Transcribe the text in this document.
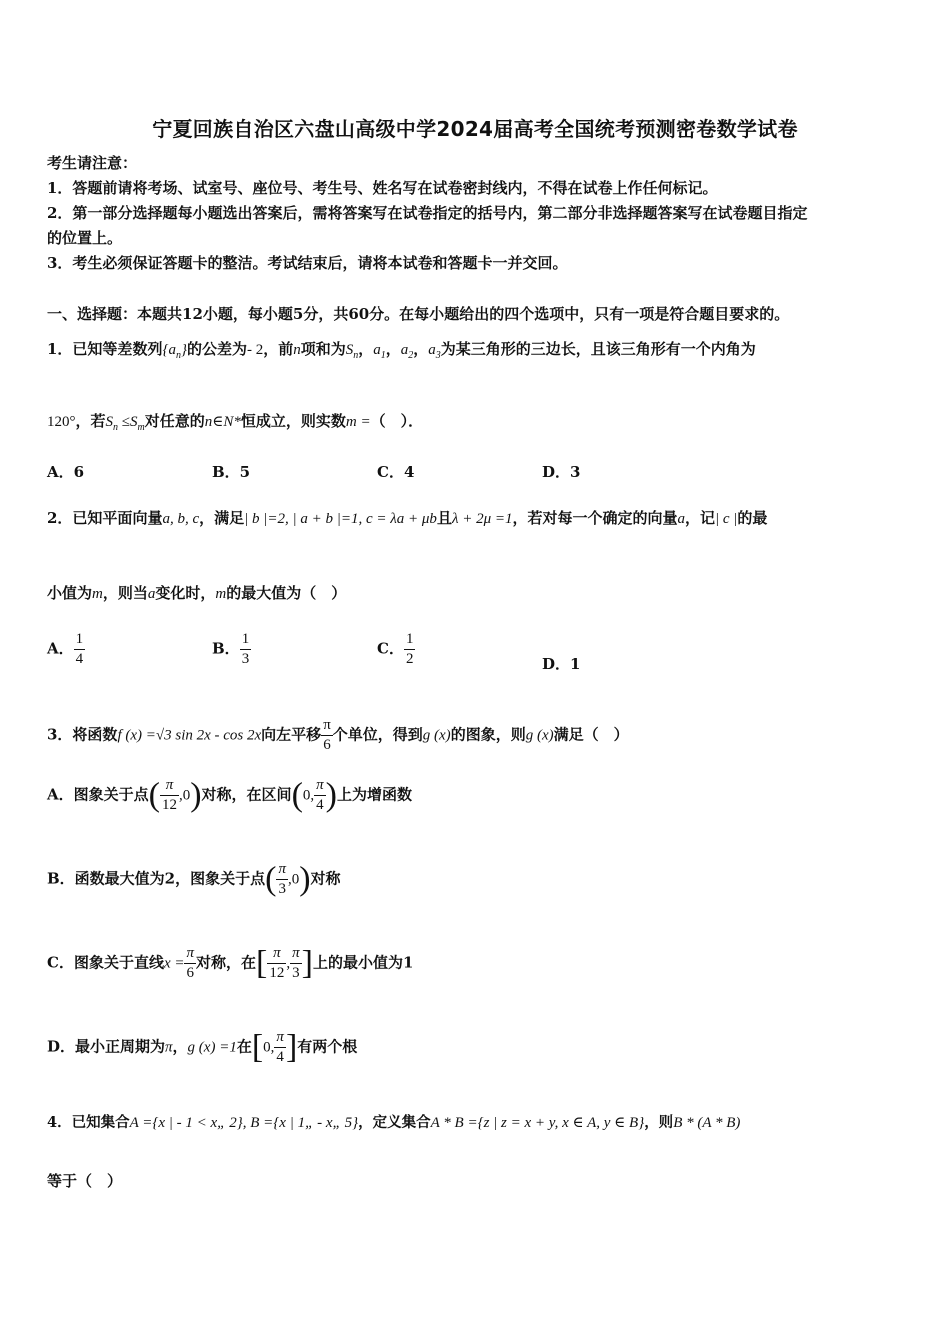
宁夏回族自治区六盘山高级中学2024届高考全国统考预测密卷数学试卷
考生请注意：
1．答题前请将考场、试室号、座位号、考生号、姓名写在试卷密封线内，不得在试卷上作任何标记。
2．第一部分选择题每小题选出答案后，需将答案写在试卷指定的括号内，第二部分非选择题答案写在试卷题目指定
的位置上。
3．考生必须保证答题卡的整洁。考试结束后，请将本试卷和答题卡一并交回。
一、选择题：本题共12小题，每小题5分，共60分。在每小题给出的四个选项中，只有一项是符合题目要求的。
1．已知等差数列$\{a_n\}$的公差为- 2，前n项和为$S_n$，$a_1$，$a_2$，$a_3$为某三角形的三边长，且该三角形有一个内角为
120°，若$S_n \le S_m$对任意的n∈N*恒成立，则实数m =（　）．
A．6	B．5	C．4	D．3
2．已知平面向量a, b, c，满足| b |=2, | a + b |=1, c = λa + μb且λ + 2μ =1，若对每一个确定的向量a，记| c |的最
小值为m，则当a变化时，m的最大值为（　）
A． $\frac{1}{4}$	B． $\frac{1}{3}$	C． $\frac{1}{2}$	D．1
3．将函数f (x) =√3 sin 2x - cos 2x向左平移 $\frac{\pi}{6}$ 个单位，得到g (x)的图象，则g (x)满足（　）
A．图象关于点( $\frac{\pi}{12} ,0$)对称，在区间(0, $\frac{\pi}{4}$ )上为增函数
B．函数最大值为2，图象关于点( $\frac{\pi}{3} ,0$)对称
C．图象关于直线$x = \frac{\pi}{6}$ 对称，在[ $\frac{\pi}{12}$ , $\frac{\pi}{3}$ ]上的最小值为1
D．最小正周期为π，g (x) =1在[0, $\frac{\pi}{4}$ ]有两个根
4．已知集合A ={x | - 1 < x„ 2}, B ={x | 1„ - x„ 5}，定义集合A * B ={z | z = x + y, x ∈ A, y ∈ B}，则B * (A * B)
等于（　）
